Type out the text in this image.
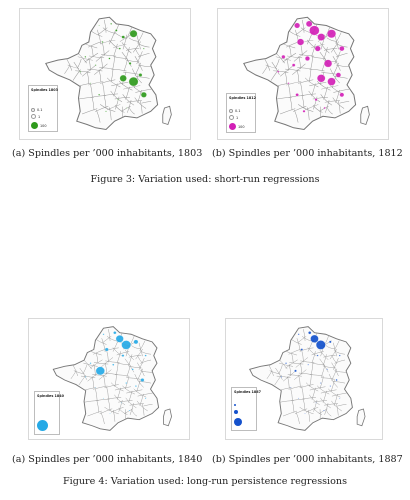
Spindles 1803
0.1
1
100
Spindles 1812
0.1
1
100
(a) Spindles per ’000 inhabitants, 1803 (b) Spindles per ’000 inhabitants, 1812
Figure 3: Variation used: short-run regressions
Spindles 1840
Spindles 1887
(a) Spindles per ’000 inhabitants, 1840 (b) Spindles per ’000 inhabitants, 1887
Figure 4: Variation used: long-run persistence regressions
